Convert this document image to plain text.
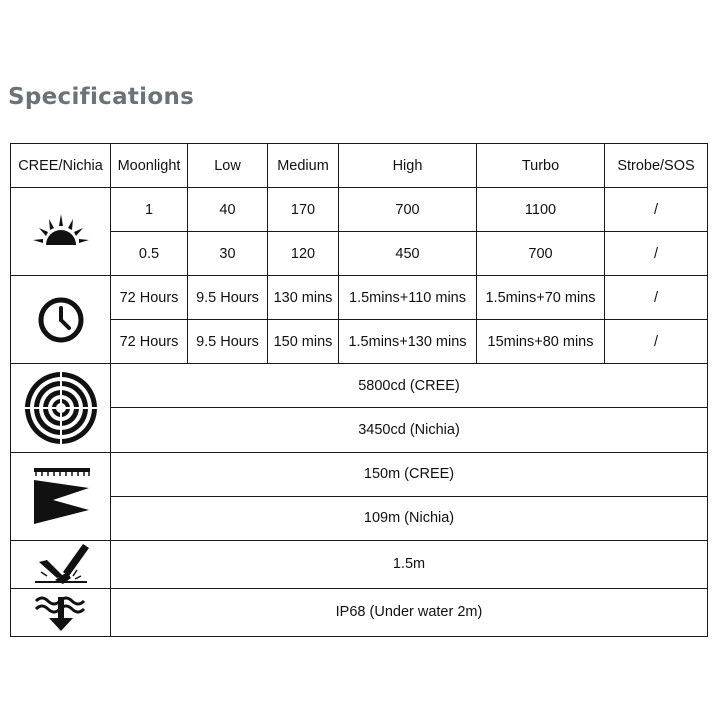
Specifications
CREE/Nichia	Moonlight	Low	Medium	High	Turbo	Strobe/SOS

	1	40	170	700	1100	/
	0.5	30	120	450	700	/

	72 Hours	9.5 Hours	130 mins	1.5mins+110 mins	1.5mins+70 mins	/
	72 Hours	9.5 Hours	150 mins	1.5mins+130 mins	15mins+80 mins	/

	5800cd (CREE)					
	3450cd (Nichia)					

	150m (CREE)					
	109m (Nichia)					

	1.5m					

	IP68 (Under water 2m)					
